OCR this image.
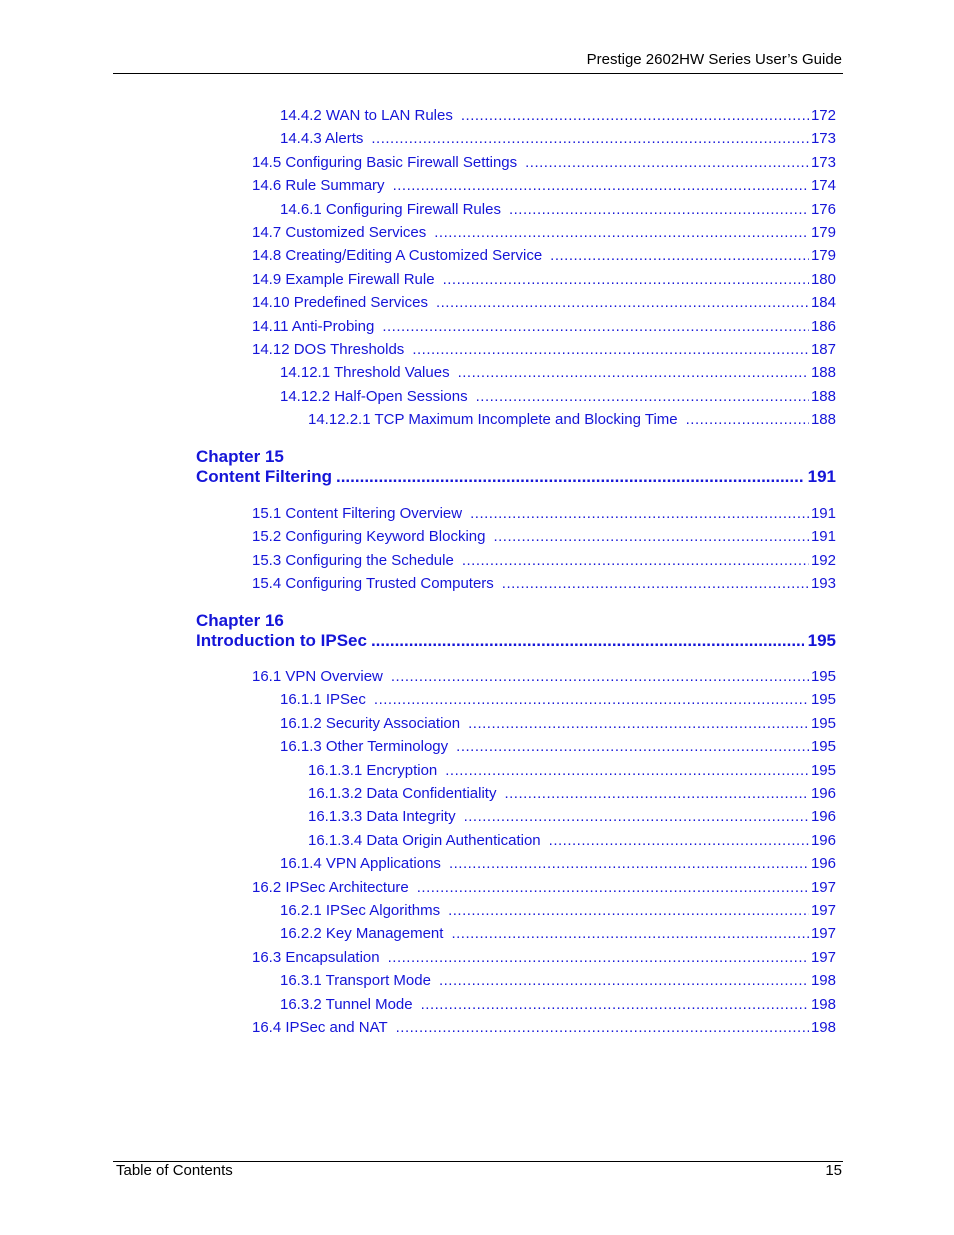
Prestige 2602HW Series User’s Guide
14.4.2 WAN to LAN Rules .....	172
14.4.3 Alerts .....	173
14.5 Configuring Basic Firewall Settings .....	173
14.6 Rule Summary .....	174
14.6.1 Configuring Firewall Rules .....	176
14.7 Customized Services .....	179
14.8 Creating/Editing A Customized Service .....	179
14.9 Example Firewall Rule .....	180
14.10 Predefined Services .....	184
14.11 Anti-Probing .....	186
14.12 DOS Thresholds .....	187
14.12.1 Threshold Values .....	188
14.12.2 Half-Open Sessions .....	188
14.12.2.1 TCP Maximum Incomplete and Blocking Time .....	188
Chapter 15
Content Filtering .....	191
15.1 Content Filtering Overview .....	191
15.2 Configuring Keyword Blocking .....	191
15.3 Configuring the Schedule .....	192
15.4 Configuring Trusted Computers .....	193
Chapter 16
Introduction to IPSec .....	195
16.1 VPN Overview .....	195
16.1.1 IPSec .....	195
16.1.2 Security Association .....	195
16.1.3 Other Terminology .....	195
16.1.3.1 Encryption .....	195
16.1.3.2 Data Confidentiality .....	196
16.1.3.3 Data Integrity .....	196
16.1.3.4 Data Origin Authentication .....	196
16.1.4 VPN Applications .....	196
16.2 IPSec Architecture .....	197
16.2.1 IPSec Algorithms .....	197
16.2.2 Key Management .....	197
16.3 Encapsulation .....	197
16.3.1 Transport Mode .....	198
16.3.2 Tunnel Mode .....	198
16.4 IPSec and NAT .....	198
Table of Contents	15
